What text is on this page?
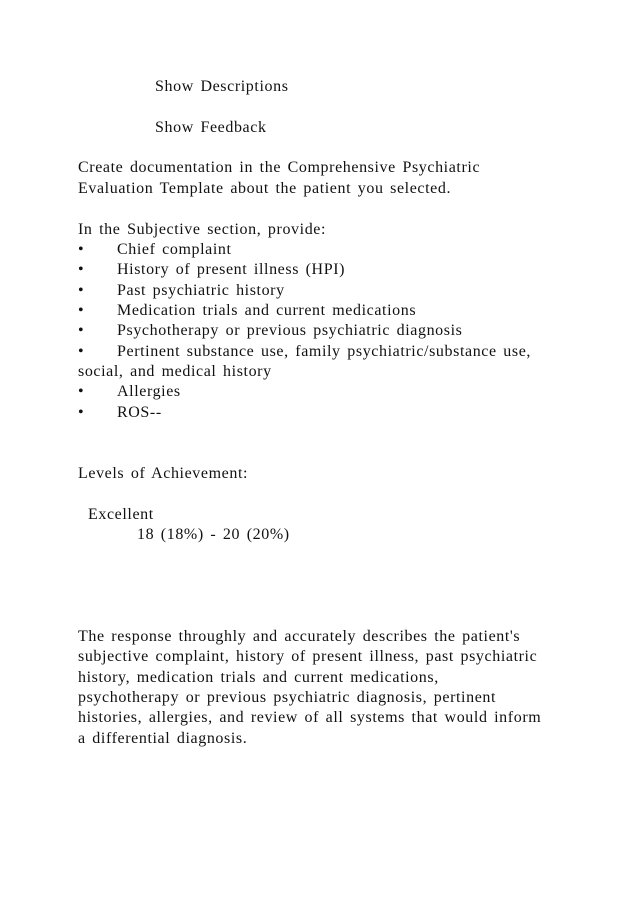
Show Descriptions
Show Feedback
Create documentation in the Comprehensive Psychiatric
Evaluation Template about the patient you selected.
In the Subjective section, provide:
• Chief complaint
• History of present illness (HPI)
• Past psychiatric history
• Medication trials and current medications
• Psychotherapy or previous psychiatric diagnosis
• Pertinent substance use, family psychiatric/substance use,
social, and medical history
• Allergies
• ROS--
Levels of Achievement:
Excellent
18 (18%) - 20 (20%)
The response throughly and accurately describes the patient's
subjective complaint, history of present illness, past psychiatric
history, medication trials and current medications,
psychotherapy or previous psychiatric diagnosis, pertinent
histories, allergies, and review of all systems that would inform
a differential diagnosis.
